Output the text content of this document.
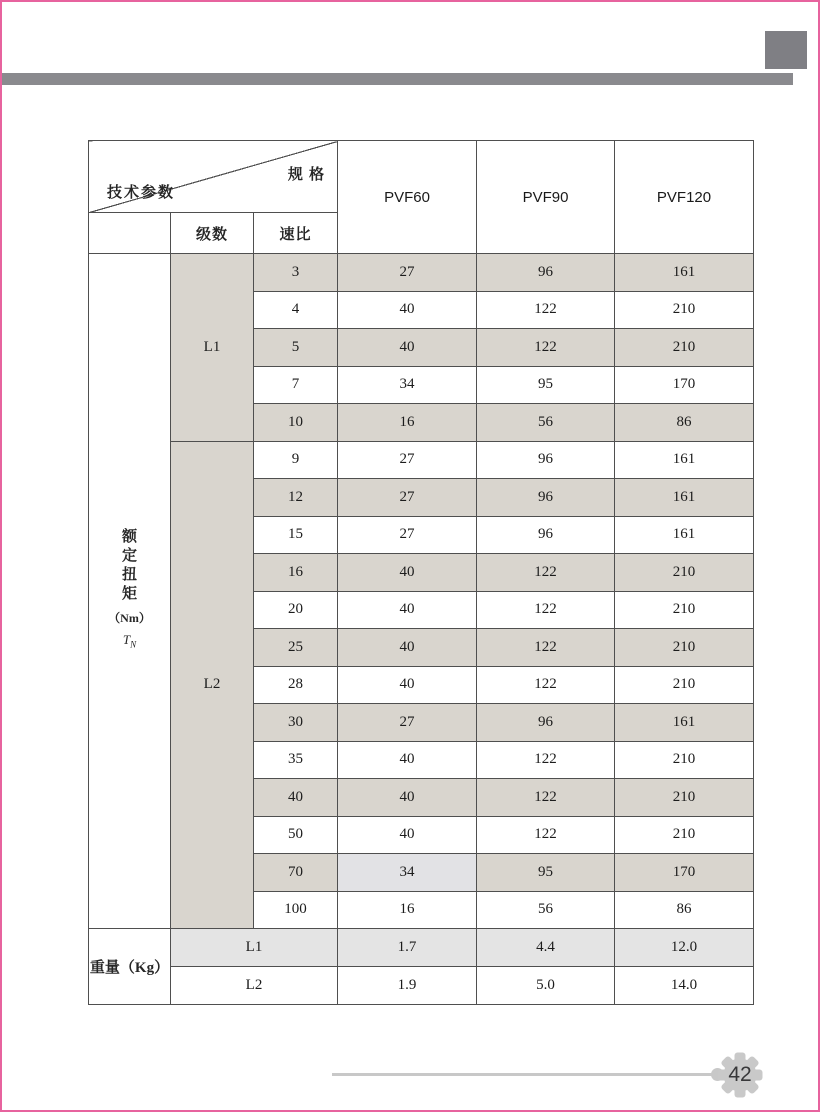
规 格
技术参数			PVF60	PVF90	PVF120
	级数	速比			

额
定
扭
矩
（Nm）
$T_N$
	L1	3	27	96	161
		4	40	122	210
		5	40	122	210
		7	34	95	170
		10	16	56	86
	L2	9	27	96	161
		12	27	96	161
		15	27	96	161
		16	40	122	210
		20	40	122	210
		25	40	122	210
		28	40	122	210
		30	27	96	161
		35	40	122	210
		40	40	122	210
		50	40	122	210
		70	34	95	170
		100	16	56	86
重量（Kg）	L1		1.7	4.4	12.0
	L2		1.9	5.0	14.0
42
